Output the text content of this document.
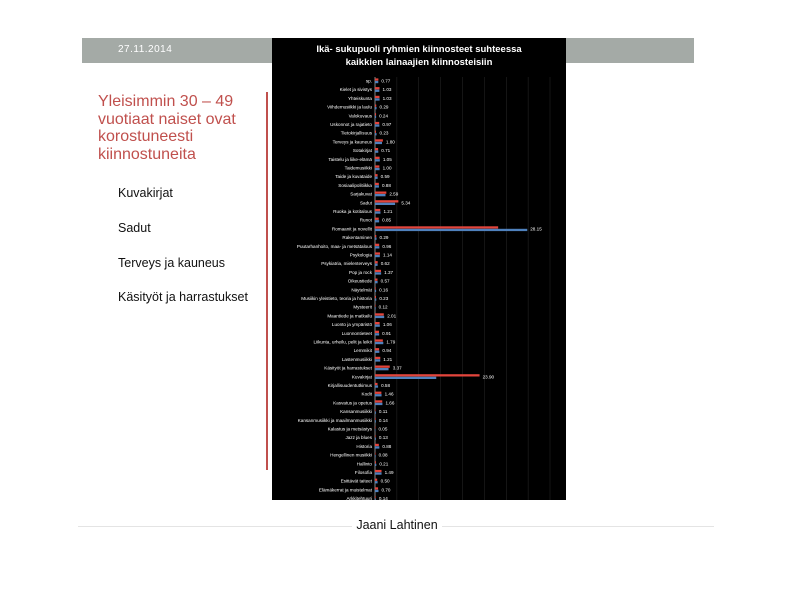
27.11.2014
Yleisimmin 30 – 49 vuotiaat naiset ovat korostuneesti kiinnostuneita
Kuvakirjat
Sadut
Terveys ja kauneus
Käsityöt ja harrastukset
Ikä- sukupuoli ryhmien kiinnosteet suhteessa
kaikkien lainaajien kiinnosteisiin
sp. 0.77
Kielet ja sivistys 1.03
Yhteiskunta 1.03
Viihdemusiikki ja laulu 0.29
Valokuvaus 0.24
Uskonnot ja rajatieto 0.97
Tietokirjallisuus 0.23
Terveys ja kauneus	1.80
Sotakirjat 0.71
Taistelu ja liike-elämä 1.05
Taidemusiikki 1.00
Taide ja kuvataide 0.59
Sosiaalipolitiikka 0.88
Sarjakuvat	2.59
Sadut	5.34
Ruoka ja kotitalous 1.21
Runot 0.85
Romaanit ja novellit	28.15
Rakentaminen 0.29
Puutarhanhoito, maa- ja metsätalous 0.96
Psykologia 1.14
Psykiatria, mielenterveys 0.62
Pop ja rock	1.37
Oikeustiede 0.57
Näytelmät 0.16
Musiikin yleistieto, teoria ja historia 0.23
Mysteerit 0.12
Maantiede ja matkailu	2.01
Luonto ja ympäristö 1.06
Luonnontieteet 0.91
Liikunta, urheilu, pelit ja leikit	1.79
Lemmikit 0.94
Lastenmusiikki 1.21
Käsityöt ja harrastukset	3.37
Kuvakirjat	23.90
Kirjallisuudentutkimus 0.58
Kodit	1.46
Kasvatus ja opetus	1.66
Kansanmusiikki 0.11
Kansanmusiikki ja maailmanmusiikki 0.14
Kalastus ja metsästys 0.05
Jazz ja blues 0.13
Historia 0.88
Hengellinen musiikki 0.08
Hallinto 0.21
Filosofia	1.49
Esittävät taiteet 0.50
Elämäkerrat ja muistelmat 0.70
Arkkitehtuuri 0.14
Jaani Lahtinen
